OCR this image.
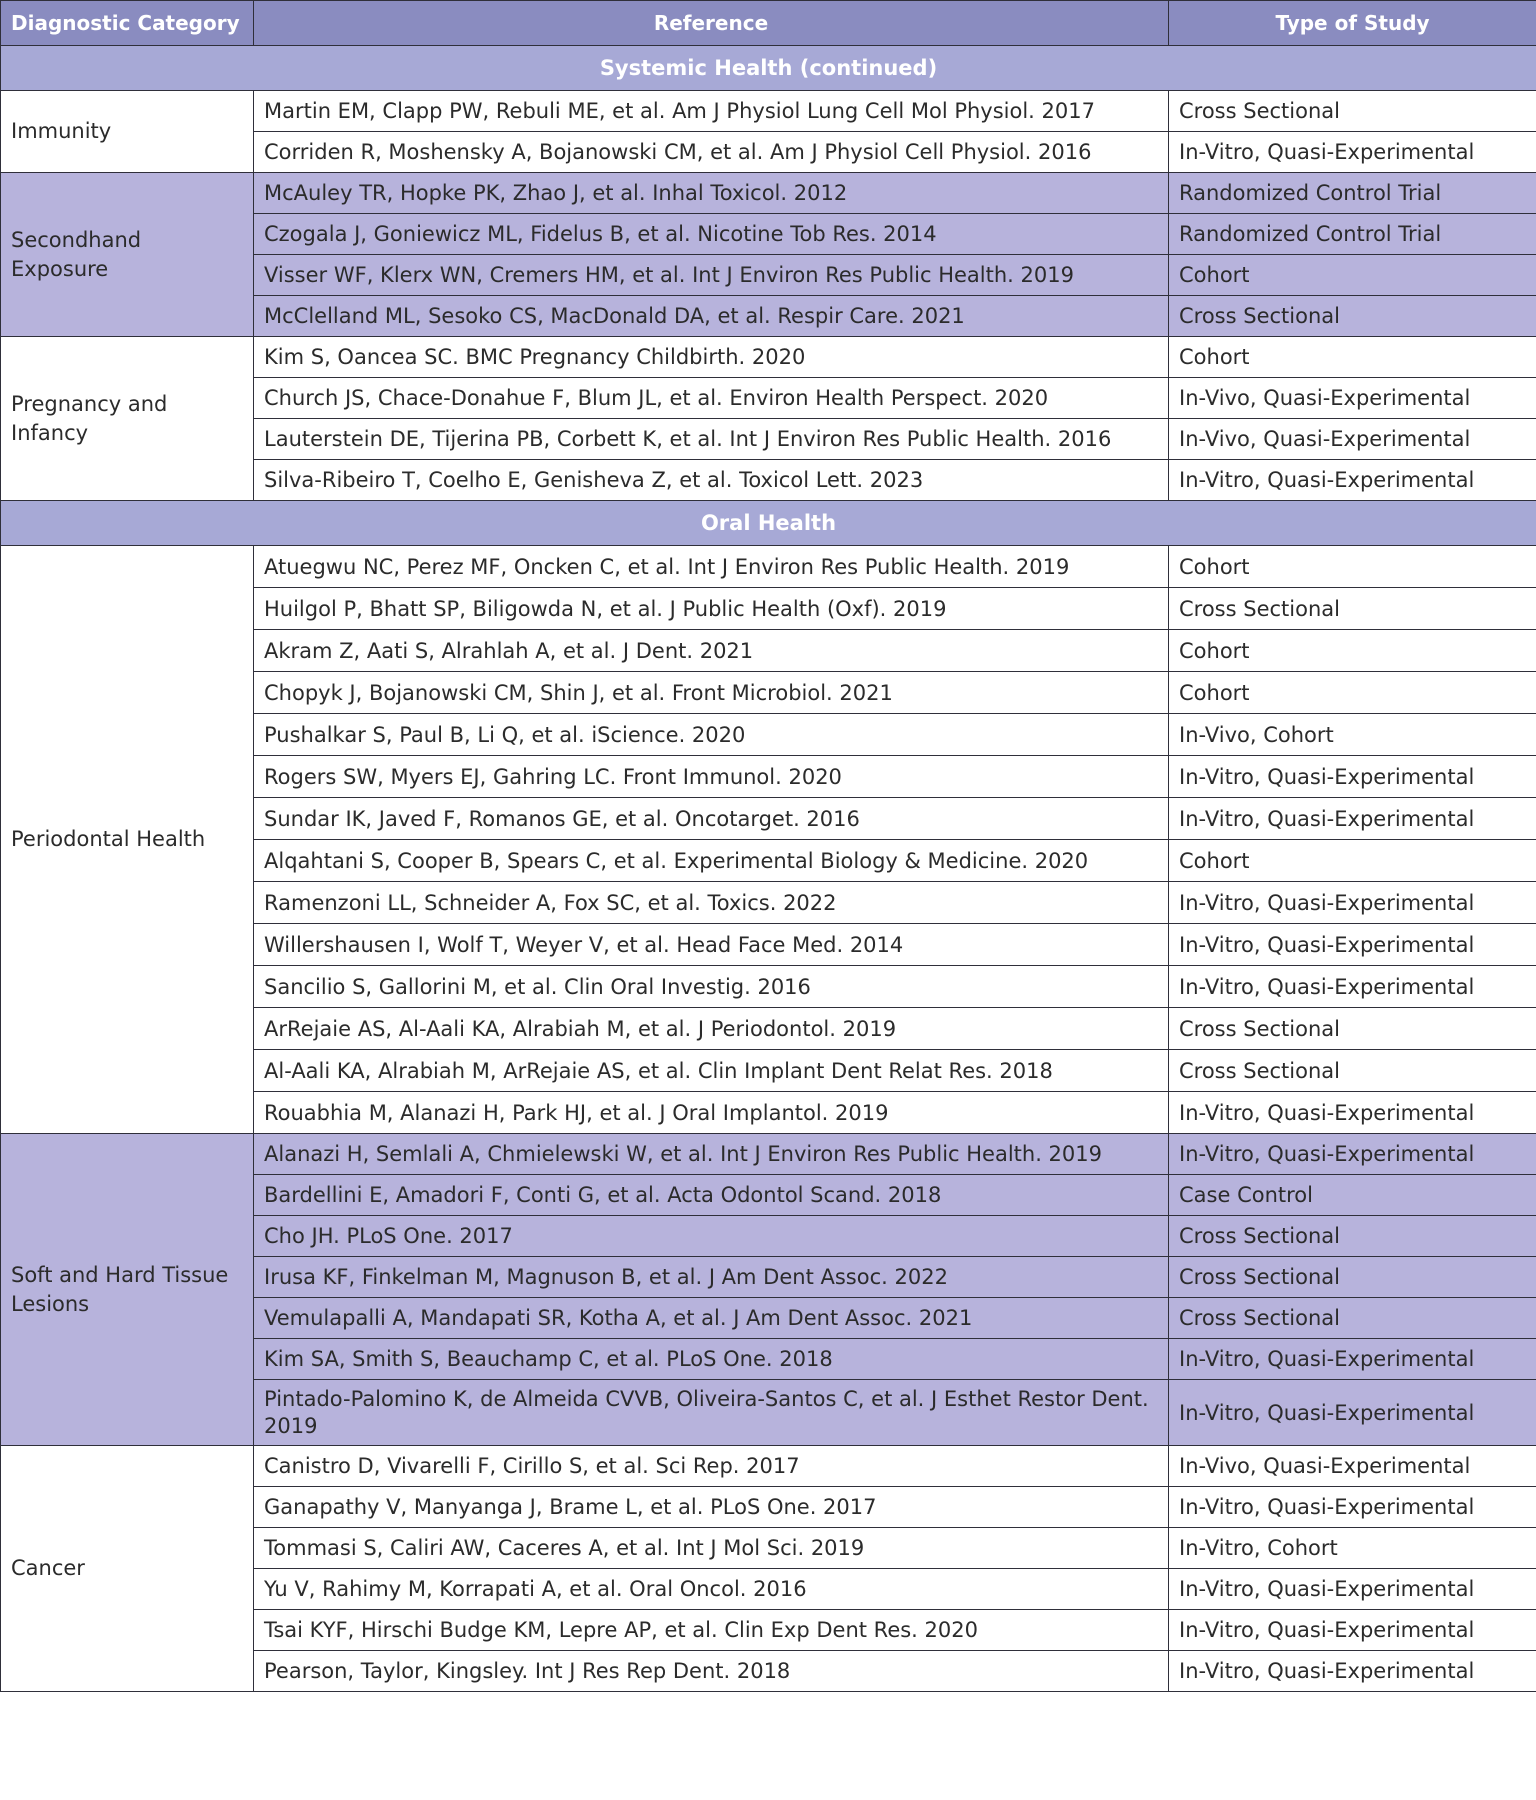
Diagnostic Category	Reference	Type of Study
Systemic Health (continued)		
Immunity	Martin EM, Clapp PW, Rebuli ME, et al. Am J Physiol Lung Cell Mol Physiol. 2017	Cross Sectional
	Corriden R, Moshensky A, Bojanowski CM, et al. Am J Physiol Cell Physiol. 2016	In-Vitro, Quasi-Experimental
Secondhand Exposure	McAuley TR, Hopke PK, Zhao J, et al. Inhal Toxicol. 2012	Randomized Control Trial
	Czogala J, Goniewicz ML, Fidelus B, et al. Nicotine Tob Res. 2014	Randomized Control Trial
	Visser WF, Klerx WN, Cremers HM, et al. Int J Environ Res Public Health. 2019	Cohort
	McClelland ML, Sesoko CS, MacDonald DA, et al. Respir Care. 2021	Cross Sectional
Pregnancy and Infancy	Kim S, Oancea SC. BMC Pregnancy Childbirth. 2020	Cohort
	Church JS, Chace-Donahue F, Blum JL, et al. Environ Health Perspect. 2020	In-Vivo, Quasi-Experimental
	Lauterstein DE, Tijerina PB, Corbett K, et al. Int J Environ Res Public Health. 2016	In-Vivo, Quasi-Experimental
	Silva-Ribeiro T, Coelho E, Genisheva Z, et al. Toxicol Lett. 2023	In-Vitro, Quasi-Experimental
Oral Health		
Periodontal Health	Atuegwu NC, Perez MF, Oncken C, et al. Int J Environ Res Public Health. 2019	Cohort
	Huilgol P, Bhatt SP, Biligowda N, et al. J Public Health (Oxf). 2019	Cross Sectional
	Akram Z, Aati S, Alrahlah A, et al. J Dent. 2021	Cohort
	Chopyk J, Bojanowski CM, Shin J, et al. Front Microbiol. 2021	Cohort
	Pushalkar S, Paul B, Li Q, et al. iScience. 2020	In-Vivo, Cohort
	Rogers SW, Myers EJ, Gahring LC. Front Immunol. 2020	In-Vitro, Quasi-Experimental
	Sundar IK, Javed F, Romanos GE, et al. Oncotarget. 2016	In-Vitro, Quasi-Experimental
	Alqahtani S, Cooper B, Spears C, et al. Experimental Biology & Medicine. 2020	Cohort
	Ramenzoni LL, Schneider A, Fox SC, et al. Toxics. 2022	In-Vitro, Quasi-Experimental
	Willershausen I, Wolf T, Weyer V, et al. Head Face Med. 2014	In-Vitro, Quasi-Experimental
	Sancilio S, Gallorini M, et al. Clin Oral Investig. 2016	In-Vitro, Quasi-Experimental
	ArRejaie AS, Al-Aali KA, Alrabiah M, et al. J Periodontol. 2019	Cross Sectional
	Al-Aali KA, Alrabiah M, ArRejaie AS, et al. Clin Implant Dent Relat Res. 2018	Cross Sectional
	Rouabhia M, Alanazi H, Park HJ, et al. J Oral Implantol. 2019	In-Vitro, Quasi-Experimental
Soft and Hard Tissue Lesions	Alanazi H, Semlali A, Chmielewski W, et al. Int J Environ Res Public Health. 2019	In-Vitro, Quasi-Experimental
	Bardellini E, Amadori F, Conti G, et al. Acta Odontol Scand. 2018	Case Control
	Cho JH. PLoS One. 2017	Cross Sectional
	Irusa KF, Finkelman M, Magnuson B, et al. J Am Dent Assoc. 2022	Cross Sectional
	Vemulapalli A, Mandapati SR, Kotha A, et al. J Am Dent Assoc. 2021	Cross Sectional
	Kim SA, Smith S, Beauchamp C, et al. PLoS One. 2018	In-Vitro, Quasi-Experimental
	Pintado-Palomino K, de Almeida CVVB, Oliveira-Santos C, et al. J Esthet Restor Dent. 2019	In-Vitro, Quasi-Experimental
Cancer	Canistro D, Vivarelli F, Cirillo S, et al. Sci Rep. 2017	In-Vivo, Quasi-Experimental
	Ganapathy V, Manyanga J, Brame L, et al. PLoS One. 2017	In-Vitro, Quasi-Experimental
	Tommasi S, Caliri AW, Caceres A, et al. Int J Mol Sci. 2019	In-Vitro, Cohort
	Yu V, Rahimy M, Korrapati A, et al. Oral Oncol. 2016	In-Vitro, Quasi-Experimental
	Tsai KYF, Hirschi Budge KM, Lepre AP, et al. Clin Exp Dent Res. 2020	In-Vitro, Quasi-Experimental
	Pearson, Taylor, Kingsley. Int J Res Rep Dent. 2018	In-Vitro, Quasi-Experimental
